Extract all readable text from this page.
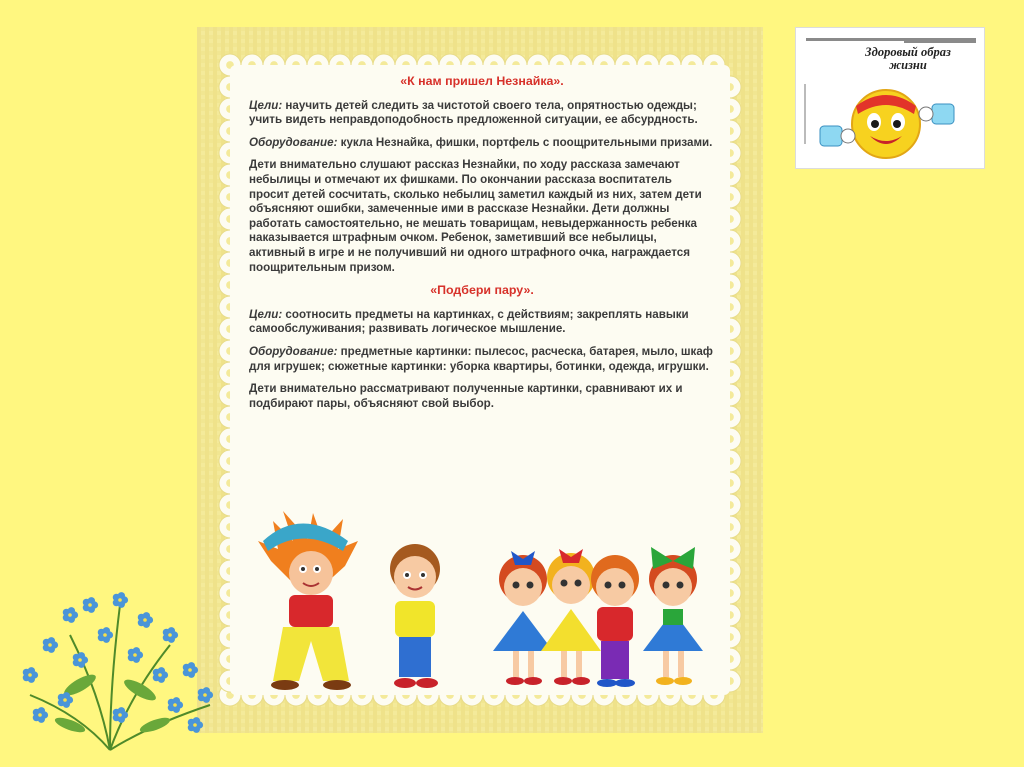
«К нам пришел Незнайка».

Цели: научить детей следить за чистотой своего тела, опрятностью одежды; учить видеть неправдоподобность предложенной ситуации, ее абсурдность.

Оборудование: кукла Незнайка, фишки, портфель с поощрительными призами.

Дети внимательно слушают рассказ Незнайки, по ходу рассказа замечают небылицы и отмечают их фишками. По окончании рассказа воспитатель просит детей сосчитать, сколько небылиц заметил каждый из них, затем дети объясняют ошибки, замеченные ими в рассказе Незнайки. Дети должны работать самостоятельно, не мешать товарищам, невыдержанность ребенка наказывается штрафным очком. Ребенок, заметивший все небылицы, активный в игре и не получивший ни одного штрафного очка, награждается поощрительным призом.

«Подбери пару».

Цели: соотносить предметы на картинках, с действиям; закреплять навыки самообслуживания; развивать логическое мышление.

Оборудование: предметные картинки: пылесос, расческа, батарея, мыло, шкаф для игрушек; сюжетные картинки: уборка квартиры, ботинки, одежда, игрушки.

Дети внимательно рассматривают полученные картинки, сравнивают их и подбирают пары, объясняют свой выбор.

Здоровый образ
жизни
